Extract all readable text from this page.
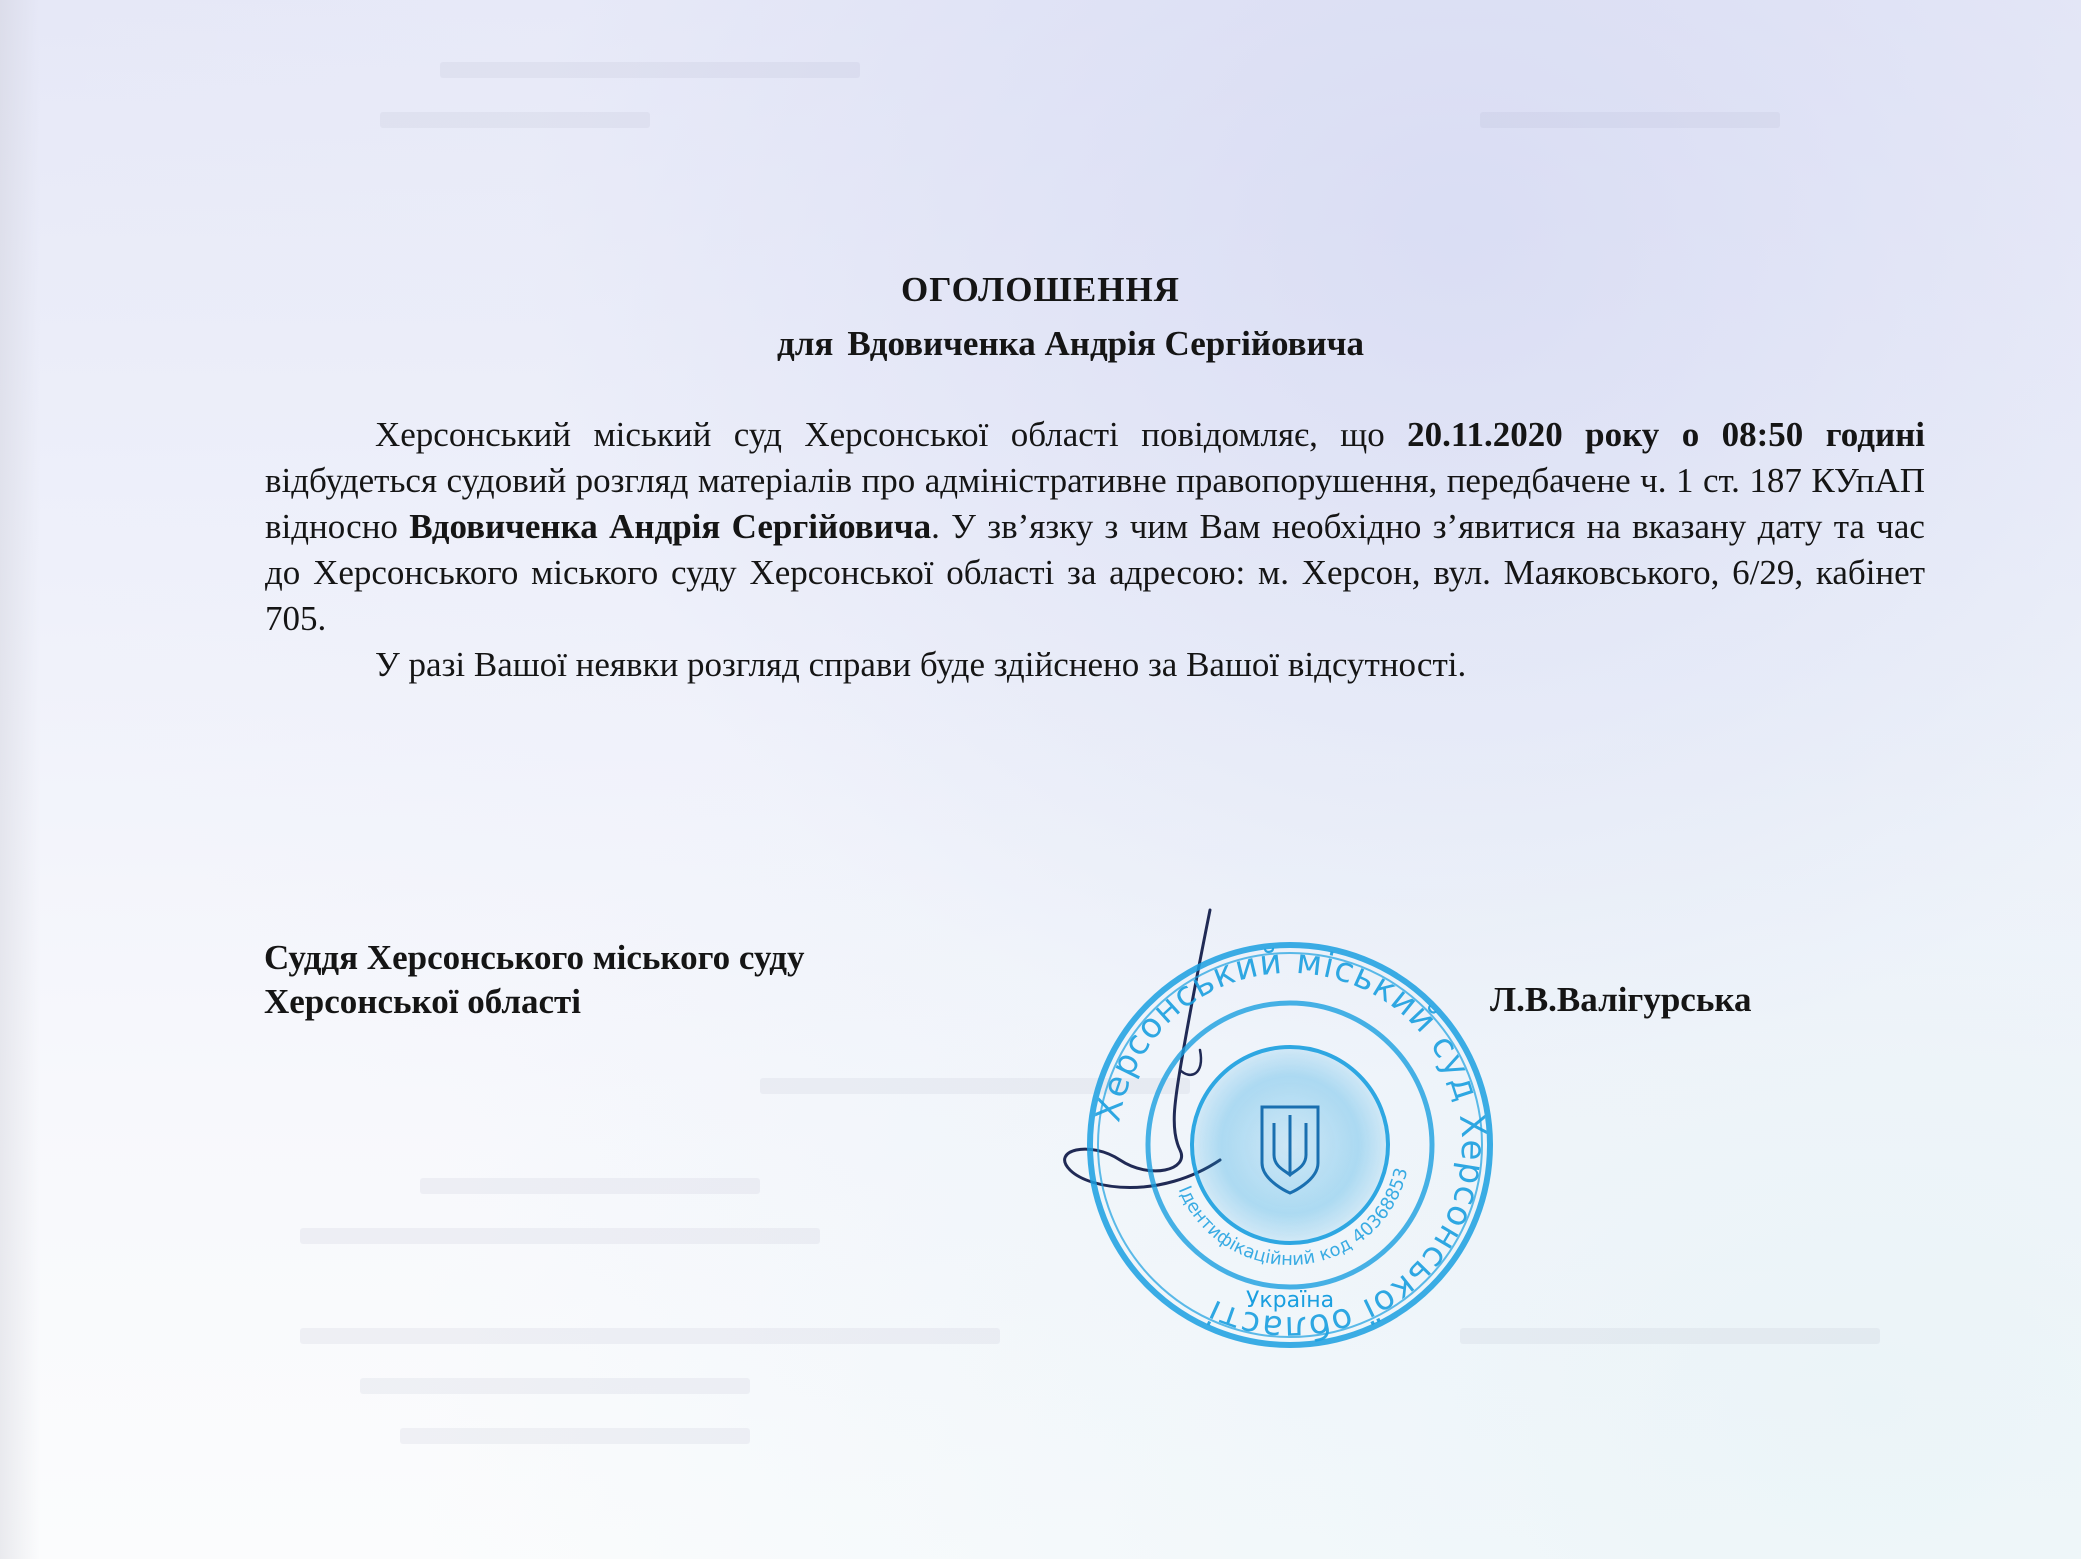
ОГОЛОШЕННЯ
для Вдовиченка Андрія Сергійовича

Херсонський міський суд Херсонської області повідомляє, що 20.11.2020 року о 08:50 годині відбудеться судовий розгляд матеріалів про адміністративне правопорушення, передбачене ч. 1 ст. 187 КУпАП відносно Вдовиченка Андрія Сергійовича. У зв’язку з чим Вам необхідно з’явитися на вказану дату та час до Херсонського міського суду Херсонської області за адресою: м. Херсон, вул. Маяковського, 6/29, кабінет 705.

У разі Вашої неявки розгляд справи буде здійснено за Вашої відсутності.

Суддя Херсонського міського суду
Херсонської області	Л.В.Валігурська
Херсонський міський суд Херсонської області
Ідентифікаційний код 40368853
Україна
